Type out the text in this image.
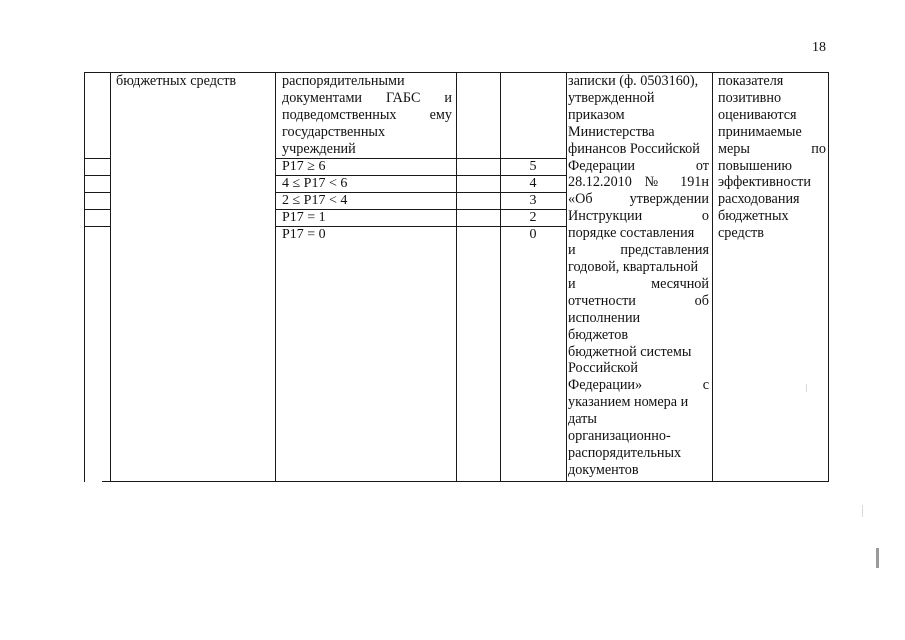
18
бюджетных средств	распорядительными
документами ГАБС и
подведомственных ему
государственных
учреждений
Р17 ≥ 6
4 ≤ Р17 < 6
2 ≤ Р17 < 4
Р17 = 1
Р17 = 0
5
4
3
2
0
записки (ф. 0503160),
утвержденной
приказом
Министерства
финансов Российской
Федерации от
28.12.2010 № 191н
«Об утверждении
Инструкции о
порядке составления
и представления
годовой, квартальной
и месячной
отчетности об
исполнении
бюджетов
бюджетной системы
Российской
Федерации» с
указанием номера и
даты
организационно-
распорядительных
документов
показателя
позитивно
оцениваются
принимаемые
меры по
повышению
эффективности
расходования
бюджетных
средств
